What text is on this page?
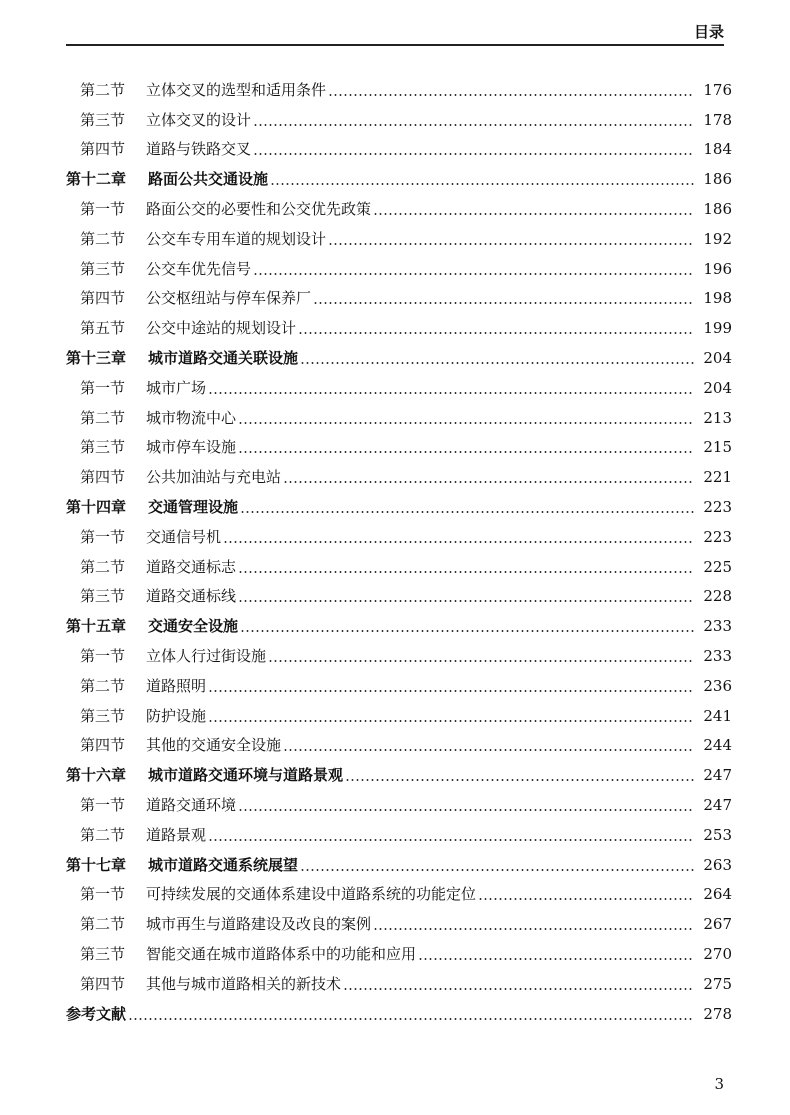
目录
第二节	立体交叉的选型和适用条件	176
第三节	立体交叉的设计	178
第四节	道路与铁路交叉	184
第十二章	路面公共交通设施	186
第一节	路面公交的必要性和公交优先政策	186
第二节	公交车专用车道的规划设计	192
第三节	公交车优先信号	196
第四节	公交枢纽站与停车保养厂	198
第五节	公交中途站的规划设计	199
第十三章	城市道路交通关联设施	204
第一节	城市广场	204
第二节	城市物流中心	213
第三节	城市停车设施	215
第四节	公共加油站与充电站	221
第十四章	交通管理设施	223
第一节	交通信号机	223
第二节	道路交通标志	225
第三节	道路交通标线	228
第十五章	交通安全设施	233
第一节	立体人行过街设施	233
第二节	道路照明	236
第三节	防护设施	241
第四节	其他的交通安全设施	244
第十六章	城市道路交通环境与道路景观	247
第一节	道路交通环境	247
第二节	道路景观	253
第十七章	城市道路交通系统展望	263
第一节	可持续发展的交通体系建设中道路系统的功能定位	264
第二节	城市再生与道路建设及改良的案例	267
第三节	智能交通在城市道路体系中的功能和应用	270
第四节	其他与城市道路相关的新技术	275
参考文献	278
3
